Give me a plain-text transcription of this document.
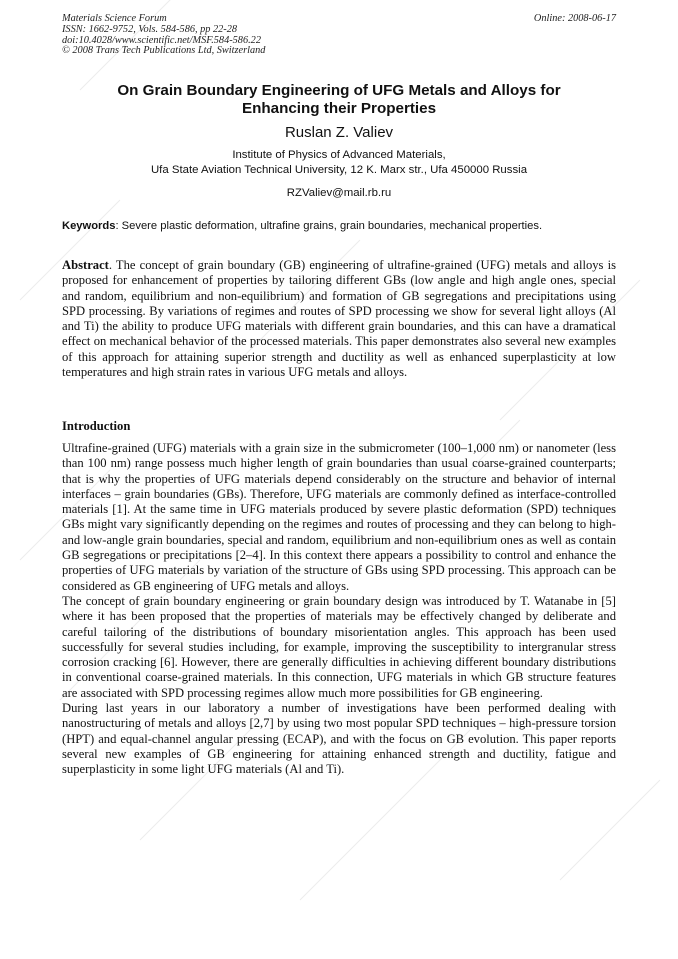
Materials Science Forum
ISSN: 1662-9752, Vols. 584-586, pp 22-28
doi:10.4028/www.scientific.net/MSF.584-586.22
© 2008 Trans Tech Publications Ltd, Switzerland
Online: 2008-06-17
On Grain Boundary Engineering of UFG Metals and Alloys for
Enhancing their Properties
Ruslan Z. Valiev
Institute of Physics of Advanced Materials,
Ufa State Aviation Technical University, 12 K. Marx str., Ufa 450000 Russia
RZValiev@mail.rb.ru
Keywords: Severe plastic deformation, ultrafine grains, grain boundaries, mechanical properties.
Abstract. The concept of grain boundary (GB) engineering of ultrafine-grained (UFG) metals and alloys is proposed for enhancement of properties by tailoring different GBs (low angle and high angle ones, special and random, equilibrium and non-equilibrium) and formation of GB segregations and precipitations using SPD processing. By variations of regimes and routes of SPD processing we show for several light alloys (Al and Ti) the ability to produce UFG materials with different grain boundaries, and this can have a dramatical effect on mechanical behavior of the processed materials. This paper demonstrates also several new examples of this approach for attaining superior strength and ductility as well as enhanced superplasticity at low temperatures and high strain rates in various UFG metals and alloys.
Introduction

Ultrafine-grained (UFG) materials with a grain size in the submicrometer (100–1,000 nm) or nanometer (less than 100 nm) range possess much higher length of grain boundaries than usual coarse-grained counterparts; that is why the properties of UFG materials depend considerably on the structure and behavior of internal interfaces – grain boundaries (GBs). Therefore, UFG materials are commonly defined as interface-controlled materials [1]. At the same time in UFG materials produced by severe plastic deformation (SPD) techniques GBs might vary significantly depending on the regimes and routes of processing and they can belong to high- and low-angle grain boundaries, special and random, equilibrium and non-equilibrium ones as well as contain GB segregations or precipitations [2–4]. In this context there appears a possibility to control and enhance the properties of UFG materials by variation of the structure of GBs using SPD processing. This approach can be considered as GB engineering of UFG metals and alloys.

The concept of grain boundary engineering or grain boundary design was introduced by T. Watanabe in [5] where it has been proposed that the properties of materials may be effectively changed by deliberate and careful tailoring of the distributions of boundary misorientation angles. This approach has been used successfully for several studies including, for example, improving the susceptibility to intergranular stress corrosion cracking [6]. However, there are generally difficulties in achieving different boundary distributions in conventional coarse-grained materials. In this connection, UFG materials in which GB structure features are associated with SPD processing regimes allow much more possibilities for GB engineering.

During last years in our laboratory a number of investigations have been performed dealing with nanostructuring of metals and alloys [2,7] by using two most popular SPD techniques – high-pressure torsion (HPT) and equal-channel angular pressing (ECAP), and with the focus on GB evolution. This paper reports several new examples of GB engineering for attaining enhanced strength and ductility, fatigue and superplasticity in some light UFG materials (Al and Ti).
